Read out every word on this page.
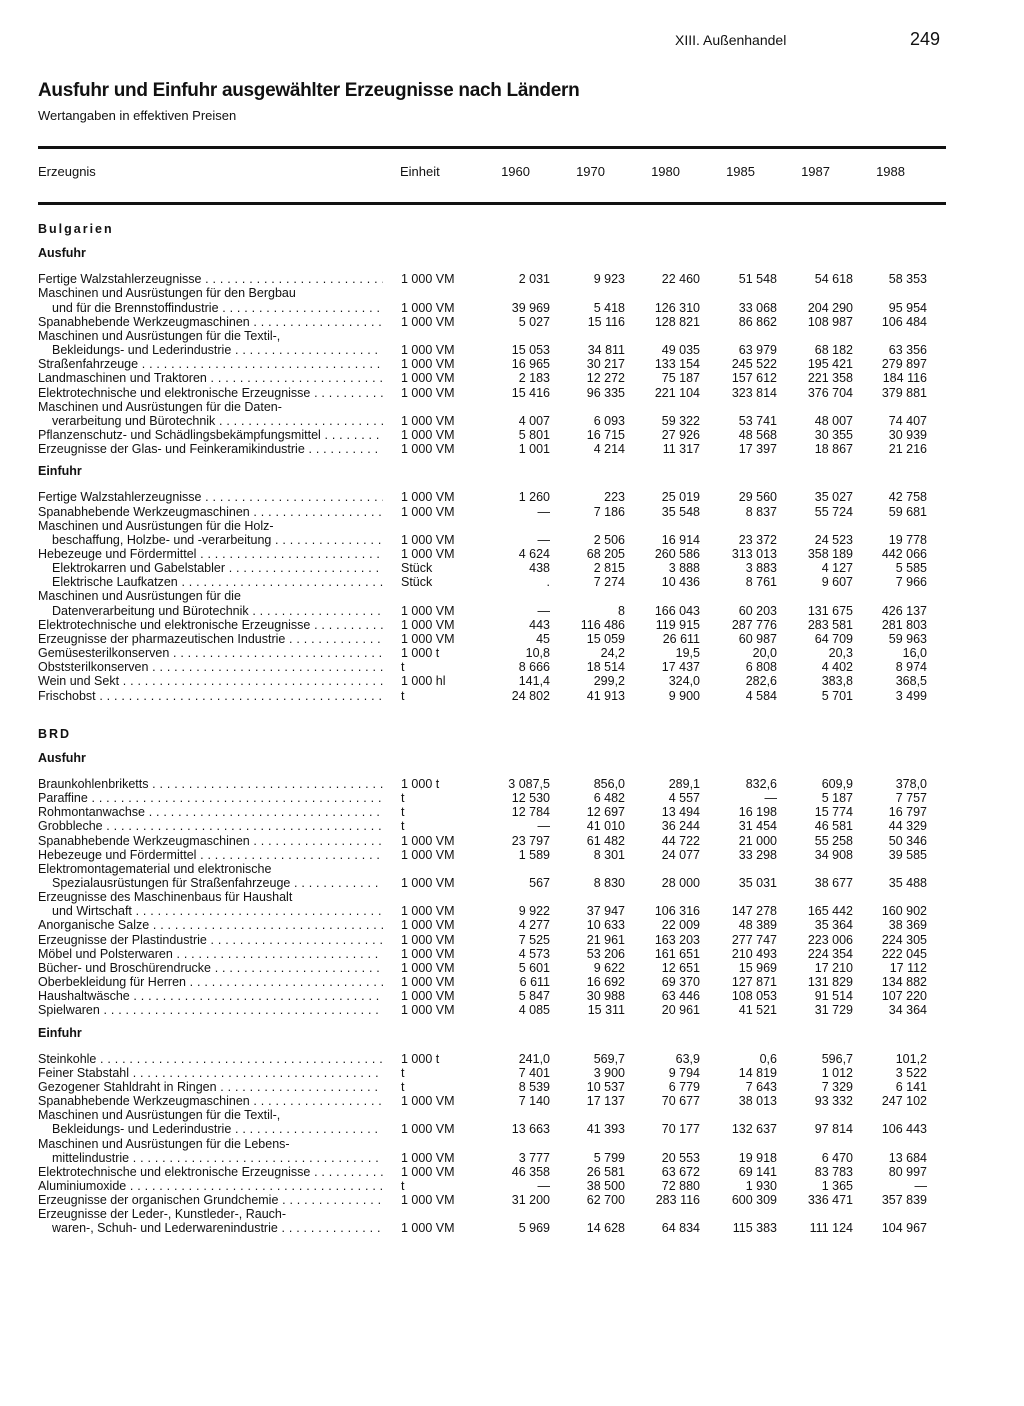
XIII. Außenhandel	249
Ausfuhr und Einfuhr ausgewählter Erzeugnisse nach Ländern
Wertangaben in effektiven Preisen
Erzeugnis	Einheit	1960	1970	1980	1985	1987	1988
Bulgarien
Ausfuhr
Fertige Walzstahlerzeugnisse . . .	1 000 VM	2 031	9 923	22 460	51 548	54 618	58 353
Maschinen und Ausrüstungen für den Bergbau
und für die Brennstoffindustrie . . .	1 000 VM	39 969	5 418	126 310	33 068	204 290	95 954
Spanabhebende Werkzeugmaschinen . . .	1 000 VM	5 027	15 116	128 821	86 862	108 987	106 484
Maschinen und Ausrüstungen für die Textil-,
Bekleidungs- und Lederindustrie . . .	1 000 VM	15 053	34 811	49 035	63 979	68 182	63 356
Straßenfahrzeuge . . .	1 000 VM	16 965	30 217	133 154	245 522	195 421	279 897
Landmaschinen und Traktoren . . .	1 000 VM	2 183	12 272	75 187	157 612	221 358	184 116
Elektrotechnische und elektronische Erzeugnisse . . .	1 000 VM	15 416	96 335	221 104	323 814	376 704	379 881
Maschinen und Ausrüstungen für die Daten-
verarbeitung und Bürotechnik . . .	1 000 VM	4 007	6 093	59 322	53 741	48 007	74 407
Pflanzenschutz- und Schädlingsbekämpfungsmittel . . .	1 000 VM	5 801	16 715	27 926	48 568	30 355	30 939
Erzeugnisse der Glas- und Feinkeramikindustrie . . .	1 000 VM	1 001	4 214	11 317	17 397	18 867	21 216
Einfuhr
Fertige Walzstahlerzeugnisse . . .	1 000 VM	1 260	223	25 019	29 560	35 027	42 758
Spanabhebende Werkzeugmaschinen . . .	1 000 VM	—	7 186	35 548	8 837	55 724	59 681
Maschinen und Ausrüstungen für die Holz-
beschaffung, Holzbe- und -verarbeitung . . .	1 000 VM	—	2 506	16 914	23 372	24 523	19 778
Hebezeuge und Fördermittel . . .	1 000 VM	4 624	68 205	260 586	313 013	358 189	442 066
Elektrokarren und Gabelstabler . . .	Stück	438	2 815	3 888	3 883	4 127	5 585
Elektrische Laufkatzen . . .	Stück	.	7 274	10 436	8 761	9 607	7 966
Maschinen und Ausrüstungen für die
Datenverarbeitung und Bürotechnik . . .	1 000 VM	—	8	166 043	60 203	131 675	426 137
Elektrotechnische und elektronische Erzeugnisse . . .	1 000 VM	443	116 486	119 915	287 776	283 581	281 803
Erzeugnisse der pharmazeutischen Industrie . . .	1 000 VM	45	15 059	26 611	60 987	64 709	59 963
Gemüsesterilkonserven . . .	1 000 t	10,8	24,2	19,5	20,0	20,3	16,0
Obststerilkonserven . . .	t	8 666	18 514	17 437	6 808	4 402	8 974
Wein und Sekt . . .	1 000 hl	141,4	299,2	324,0	282,6	383,8	368,5
Frischobst . . .	t	24 802	41 913	9 900	4 584	5 701	3 499
BRD
Ausfuhr
Braunkohlenbriketts . . .	1 000 t	3 087,5	856,0	289,1	832,6	609,9	378,0
Paraffine . . .	t	12 530	6 482	4 557	—	5 187	7 757
Rohmontanwachse . . .	t	12 784	12 697	13 494	16 198	15 774	16 797
Grobbleche . . .	t	—	41 010	36 244	31 454	46 581	44 329
Spanabhebende Werkzeugmaschinen . . .	1 000 VM	23 797	61 482	44 722	21 000	55 258	50 346
Hebezeuge und Fördermittel . . .	1 000 VM	1 589	8 301	24 077	33 298	34 908	39 585
Elektromontagematerial und elektronische
Spezialausrüstungen für Straßenfahrzeuge . . .	1 000 VM	567	8 830	28 000	35 031	38 677	35 488
Erzeugnisse des Maschinenbaus für Haushalt
und Wirtschaft . . .	1 000 VM	9 922	37 947	106 316	147 278	165 442	160 902
Anorganische Salze . . .	1 000 VM	4 277	10 633	22 009	48 389	35 364	38 369
Erzeugnisse der Plastindustrie . . .	1 000 VM	7 525	21 961	163 203	277 747	223 006	224 305
Möbel und Polsterwaren . . .	1 000 VM	4 573	53 206	161 651	210 493	224 354	222 045
Bücher- und Broschürendrucke . . .	1 000 VM	5 601	9 622	12 651	15 969	17 210	17 112
Oberbekleidung für Herren . . .	1 000 VM	6 611	16 692	69 370	127 871	131 829	134 882
Haushaltwäsche . . .	1 000 VM	5 847	30 988	63 446	108 053	91 514	107 220
Spielwaren . . .	1 000 VM	4 085	15 311	20 961	41 521	31 729	34 364
Einfuhr
Steinkohle . . .	1 000 t	241,0	569,7	63,9	0,6	596,7	101,2
Feiner Stabstahl . . .	t	7 401	3 900	9 794	14 819	1 012	3 522
Gezogener Stahldraht in Ringen . . .	t	8 539	10 537	6 779	7 643	7 329	6 141
Spanabhebende Werkzeugmaschinen . . .	1 000 VM	7 140	17 137	70 677	38 013	93 332	247 102
Maschinen und Ausrüstungen für die Textil-,
Bekleidungs- und Lederindustrie . . .	1 000 VM	13 663	41 393	70 177	132 637	97 814	106 443
Maschinen und Ausrüstungen für die Lebens-
mittelindustrie . . .	1 000 VM	3 777	5 799	20 553	19 918	6 470	13 684
Elektrotechnische und elektronische Erzeugnisse . . .	1 000 VM	46 358	26 581	63 672	69 141	83 783	80 997
Aluminiumoxide . . .	t	—	38 500	72 880	1 930	1 365	—
Erzeugnisse der organischen Grundchemie . . .	1 000 VM	31 200	62 700	283 116	600 309	336 471	357 839
Erzeugnisse der Leder-, Kunstleder-, Rauch-
waren-, Schuh- und Lederwarenindustrie . . .	1 000 VM	5 969	14 628	64 834	115 383	111 124	104 967
